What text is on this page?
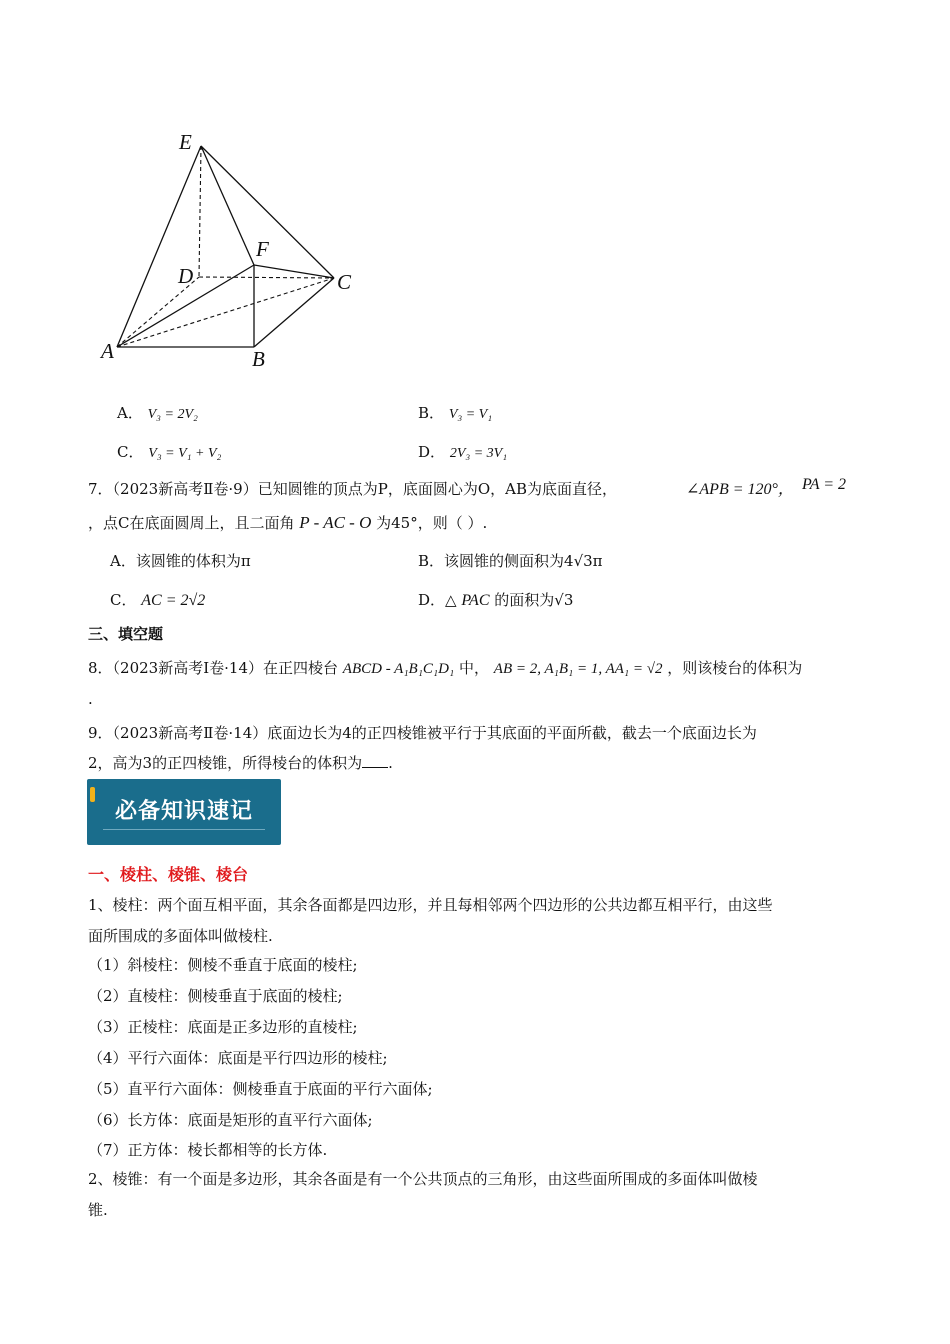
E
D
F
C
A	B
A． V₃ = 2V₂	B． V₃ = V₁
C． V₃ = V₁ + V₂	D． 2V₃ = 3V₁
7．（2023新高考Ⅱ卷·9）已知圆锥的顶点为P，底面圆心为O，AB为底面直径，	∠APB = 120°， PA = 2
，点C在底面圆周上，且二面角 P - AC - O 为45°，则（ ）.
A．该圆锥的体积为π	B．该圆锥的侧面积为4√3π
C． AC = 2√2	D．△ PAC 的面积为√3
三、填空题
8．（2023新高考Ⅰ卷·14）在正四棱台 ABCD - A₁B₁C₁D₁ 中， AB = 2, A₁B₁ = 1, AA₁ = √2 ，则该棱台的体积为
.
9．（2023新高考Ⅱ卷·14）底面边长为4的正四棱锥被平行于其底面的平面所截，截去一个底面边长为
2，高为3的正四棱锥，所得棱台的体积为 .
必备知识速记
一、棱柱、棱锥、棱台
1、棱柱：两个面互相平面，其余各面都是四边形，并且每相邻两个四边形的公共边都互相平行，由这些
面所围成的多面体叫做棱柱.
（1）斜棱柱：侧棱不垂直于底面的棱柱;
（2）直棱柱：侧棱垂直于底面的棱柱;
（3）正棱柱：底面是正多边形的直棱柱;
（4）平行六面体：底面是平行四边形的棱柱;
（5）直平行六面体：侧棱垂直于底面的平行六面体;
（6）长方体：底面是矩形的直平行六面体;
（7）正方体：棱长都相等的长方体.
2、棱锥：有一个面是多边形，其余各面是有一个公共顶点的三角形，由这些面所围成的多面体叫做棱
锥.
